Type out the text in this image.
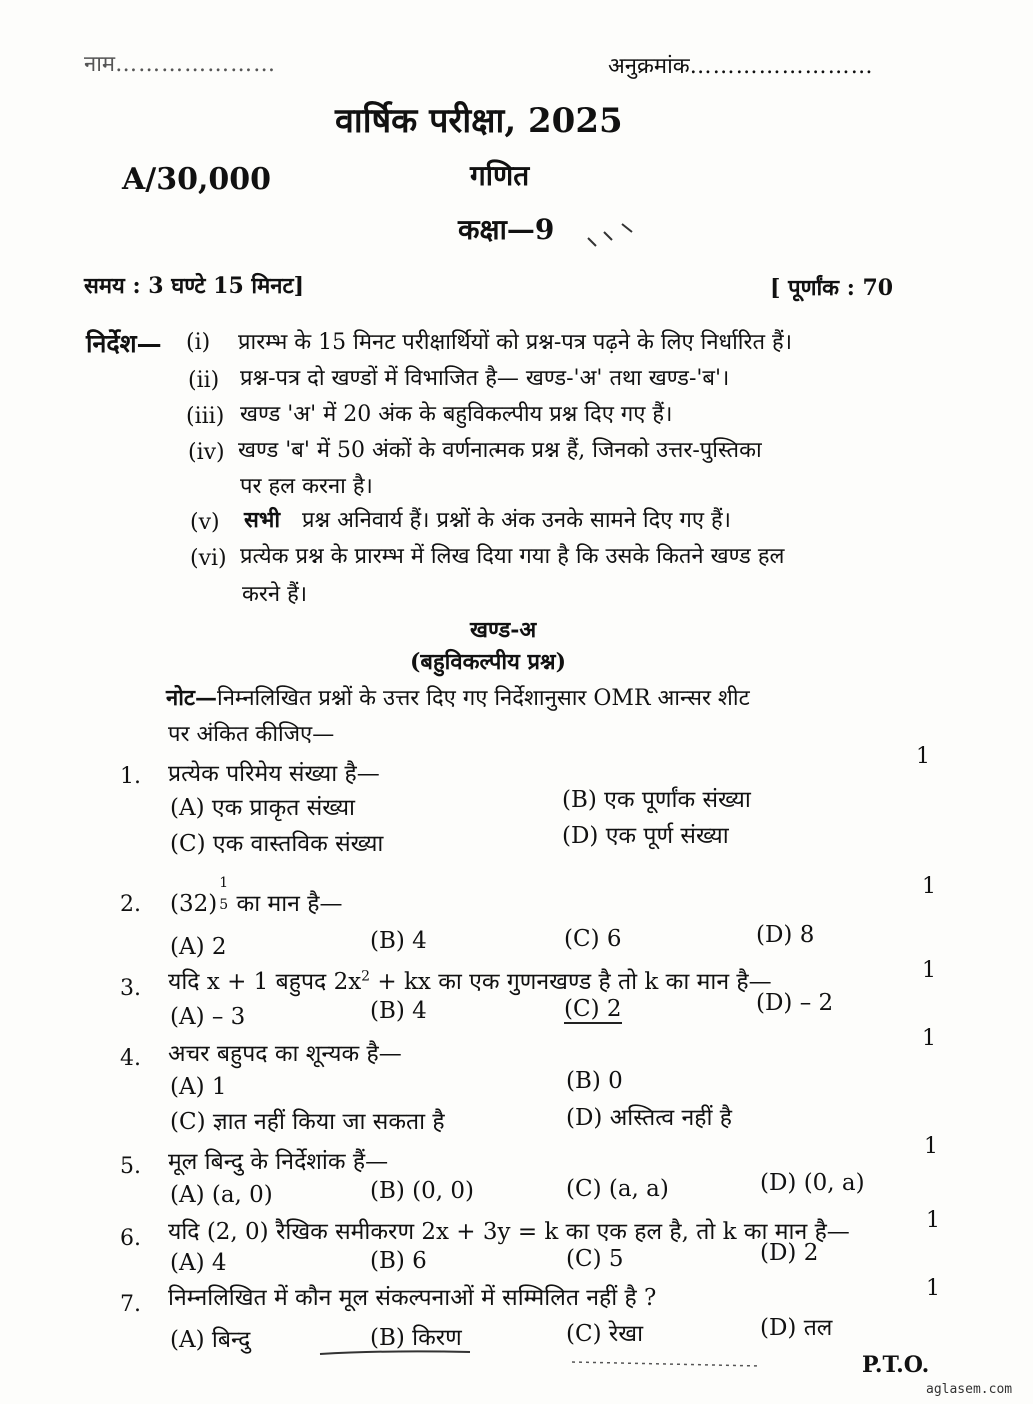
नाम…………………	अनुक्रमांक……………………
वार्षिक परीक्षा, 2025
A/30,000	गणित
कक्षा—9
समय : 3 घण्टे 15 मिनट]	[ पूर्णांक : 70
निर्देश— (i) प्रारम्भ के 15 मिनट परीक्षार्थियों को प्रश्न-पत्र पढ़ने के लिए निर्धारित हैं।
(ii) प्रश्न-पत्र दो खण्डों में विभाजित है— खण्ड-'अ' तथा खण्ड-'ब'।
(iii) खण्ड 'अ' में 20 अंक के बहुविकल्पीय प्रश्न दिए गए हैं।
(iv) खण्ड 'ब' में 50 अंकों के वर्णनात्मक प्रश्न हैं, जिनको उत्तर-पुस्तिका
पर हल करना है।
(v) सभी प्रश्न अनिवार्य हैं। प्रश्नों के अंक उनके सामने दिए गए हैं।
(vi) प्रत्येक प्रश्न के प्रारम्भ में लिख दिया गया है कि उसके कितने खण्ड हल
करने हैं।
खण्ड-अ
(बहुविकल्पीय प्रश्न)
नोट—निम्नलिखित प्रश्नों के उत्तर दिए गए निर्देशानुसार OMR आन्सर शीट
पर अंकित कीजिए—
1. प्रत्येक परिमेय संख्या है—
1
(A) एक प्राकृत संख्या	(B) एक पूर्णांक संख्या
(C) एक वास्तविक संख्या	(D) एक पूर्ण संख्या
2. (32)
1
5 का मान है—
1
(A) 2	(B) 4	(C) 6	(D) 8
3. यदि x + 1 बहुपद $2x^2$ + kx का एक गुणनखण्ड है तो k का मान है—	1
(A) – 3	(B) 4	(C) 2	(D) – 2
4. अचर बहुपद का शून्यक है—
1
(A) 1	(B) 0
(C) ज्ञात नहीं किया जा सकता है	(D) अस्तित्व नहीं है
5. मूल बिन्दु के निर्देशांक हैं—
1
(A) (a, 0)	(B) (0, 0)	(C) (a, a)	(D) (0, a)
6. यदि (2, 0) रैखिक समीकरण 2x + 3y = k का एक हल है, तो k का मान है—	1
(A) 4	(B) 6	(C) 5	(D) 2
7. निम्नलिखित में कौन मूल संकल्पनाओं में सम्मिलित नहीं है ?	1
(A) बिन्दु	(B) किरण	(C) रेखा	(D) तल
P.T.O.
aglasem.com
